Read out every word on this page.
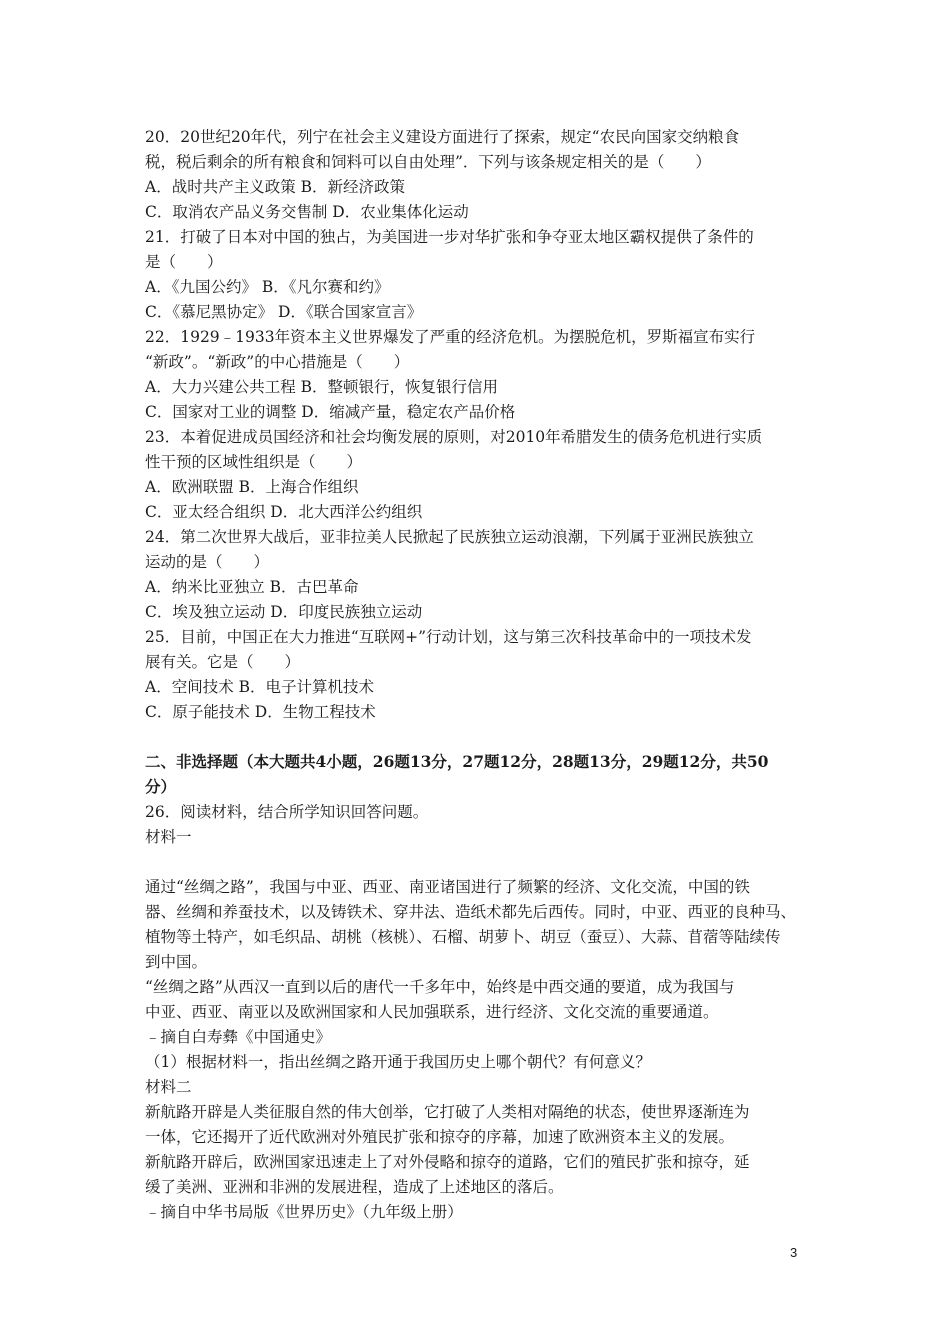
20．20世纪20年代，列宁在社会主义建设方面进行了探索，规定“农民向国家交纳粮食
税，税后剩余的所有粮食和饲料可以自由处理”．下列与该条规定相关的是（　　）
A．战时共产主义政策 B．新经济政策
C．取消农产品义务交售制 D．农业集体化运动
21．打破了日本对中国的独占，为美国进一步对华扩张和争夺亚太地区霸权提供了条件的
是（　　）
A．《九国公约》 B．《凡尔赛和约》
C．《慕尼黑协定》 D．《联合国家宣言》
22．1929﹣1933年资本主义世界爆发了严重的经济危机。为摆脱危机，罗斯福宣布实行
“新政”。“新政”的中心措施是（　　）
A．大力兴建公共工程 B．整顿银行，恢复银行信用
C．国家对工业的调整 D．缩减产量，稳定农产品价格
23．本着促进成员国经济和社会均衡发展的原则，对2010年希腊发生的债务危机进行实质
性干预的区域性组织是（　　）
A．欧洲联盟 B．上海合作组织
C．亚太经合组织 D．北大西洋公约组织
24．第二次世界大战后，亚非拉美人民掀起了民族独立运动浪潮，下列属于亚洲民族独立
运动的是（　　）
A．纳米比亚独立 B．古巴革命
C．埃及独立运动 D．印度民族独立运动
25．目前，中国正在大力推进“互联网+”行动计划，这与第三次科技革命中的一项技术发
展有关。它是（　　）
A．空间技术 B．电子计算机技术
C．原子能技术 D．生物工程技术
二、非选择题（本大题共4小题，26题13分，27题12分，28题13分，29题12分，共50
分）
26．阅读材料，结合所学知识回答问题。
材料一
通过“丝绸之路”，我国与中亚、西亚、南亚诸国进行了频繁的经济、文化交流，中国的铁
器、丝绸和养蚕技术，以及铸铁术、穿井法、造纸术都先后西传。同时，中亚、西亚的良种马、
植物等土特产，如毛织品、胡桃（核桃）、石榴、胡萝卜、胡豆（蚕豆）、大蒜、苜蓿等陆续传
到中国。
“丝绸之路”从西汉一直到以后的唐代一千多年中，始终是中西交通的要道，成为我国与
中亚、西亚、南亚以及欧洲国家和人民加强联系，进行经济、文化交流的重要通道。
﹣摘自白寿彝《中国通史》
（1）根据材料一，指出丝绸之路开通于我国历史上哪个朝代？有何意义？
材料二
新航路开辟是人类征服自然的伟大创举，它打破了人类相对隔绝的状态，使世界逐渐连为
一体，它还揭开了近代欧洲对外殖民扩张和掠夺的序幕，加速了欧洲资本主义的发展。
新航路开辟后，欧洲国家迅速走上了对外侵略和掠夺的道路，它们的殖民扩张和掠夺，延
缓了美洲、亚洲和非洲的发展进程，造成了上述地区的落后。
﹣摘自中华书局版《世界历史》（九年级上册）
3
